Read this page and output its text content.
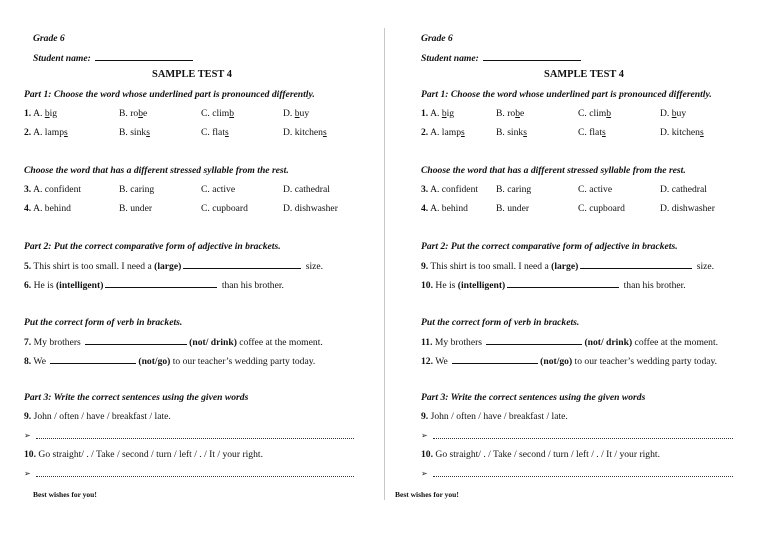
Grade 6
Student name:
SAMPLE TEST 4
Part 1: Choose the word whose underlined part is pronounced differently.
1. A. big	B. robe	C. climb	D. buy
2. A. lamps	B. sinks	C. flats	D. kitchens
Choose the word that has a different stressed syllable from the rest.
3. A. confident	B. caring	C. active	D. cathedral
4. A. behind	B. under	C. cupboard	D. dishwasher
Part 2: Put the correct comparative form of adjective in brackets.
5. This shirt is too small. I need a (large)	size.
6. He is (intelligent)	than his brother.
Put the correct form of verb in brackets.
7. My brothers	(not/ drink) coffee at the moment.
8. We	(not/go) to our teacher’s wedding party today.
Part 3: Write the correct sentences using the given words
9. John / often / have / breakfast / late.
➢
10. Go straight/ . / Take / second / turn / left / . / It / your right.
➢
Best wishes for you!
Grade 6
Student name:
SAMPLE TEST 4
Part 1: Choose the word whose underlined part is pronounced differently.
1. A. big	B. robe	C. climb	D. buy
2. A. lamps	B. sinks	C. flats	D. kitchens
Choose the word that has a different stressed syllable from the rest.
3. A. confident B. caring	C. active	D. cathedral
4. A. behind	B. under	C. cupboard	D. dishwasher
Part 2: Put the correct comparative form of adjective in brackets.
9. This shirt is too small. I need a (large)	size.
10. He is (intelligent)	than his brother.
Put the correct form of verb in brackets.
11. My brothers	(not/ drink) coffee at the moment.
12. We	(not/go) to our teacher’s wedding party today.
Part 3: Write the correct sentences using the given words
9. John / often / have / breakfast / late.
➢
10. Go straight/ . / Take / second / turn / left / . / It / your right.
➢
Best wishes for you!
